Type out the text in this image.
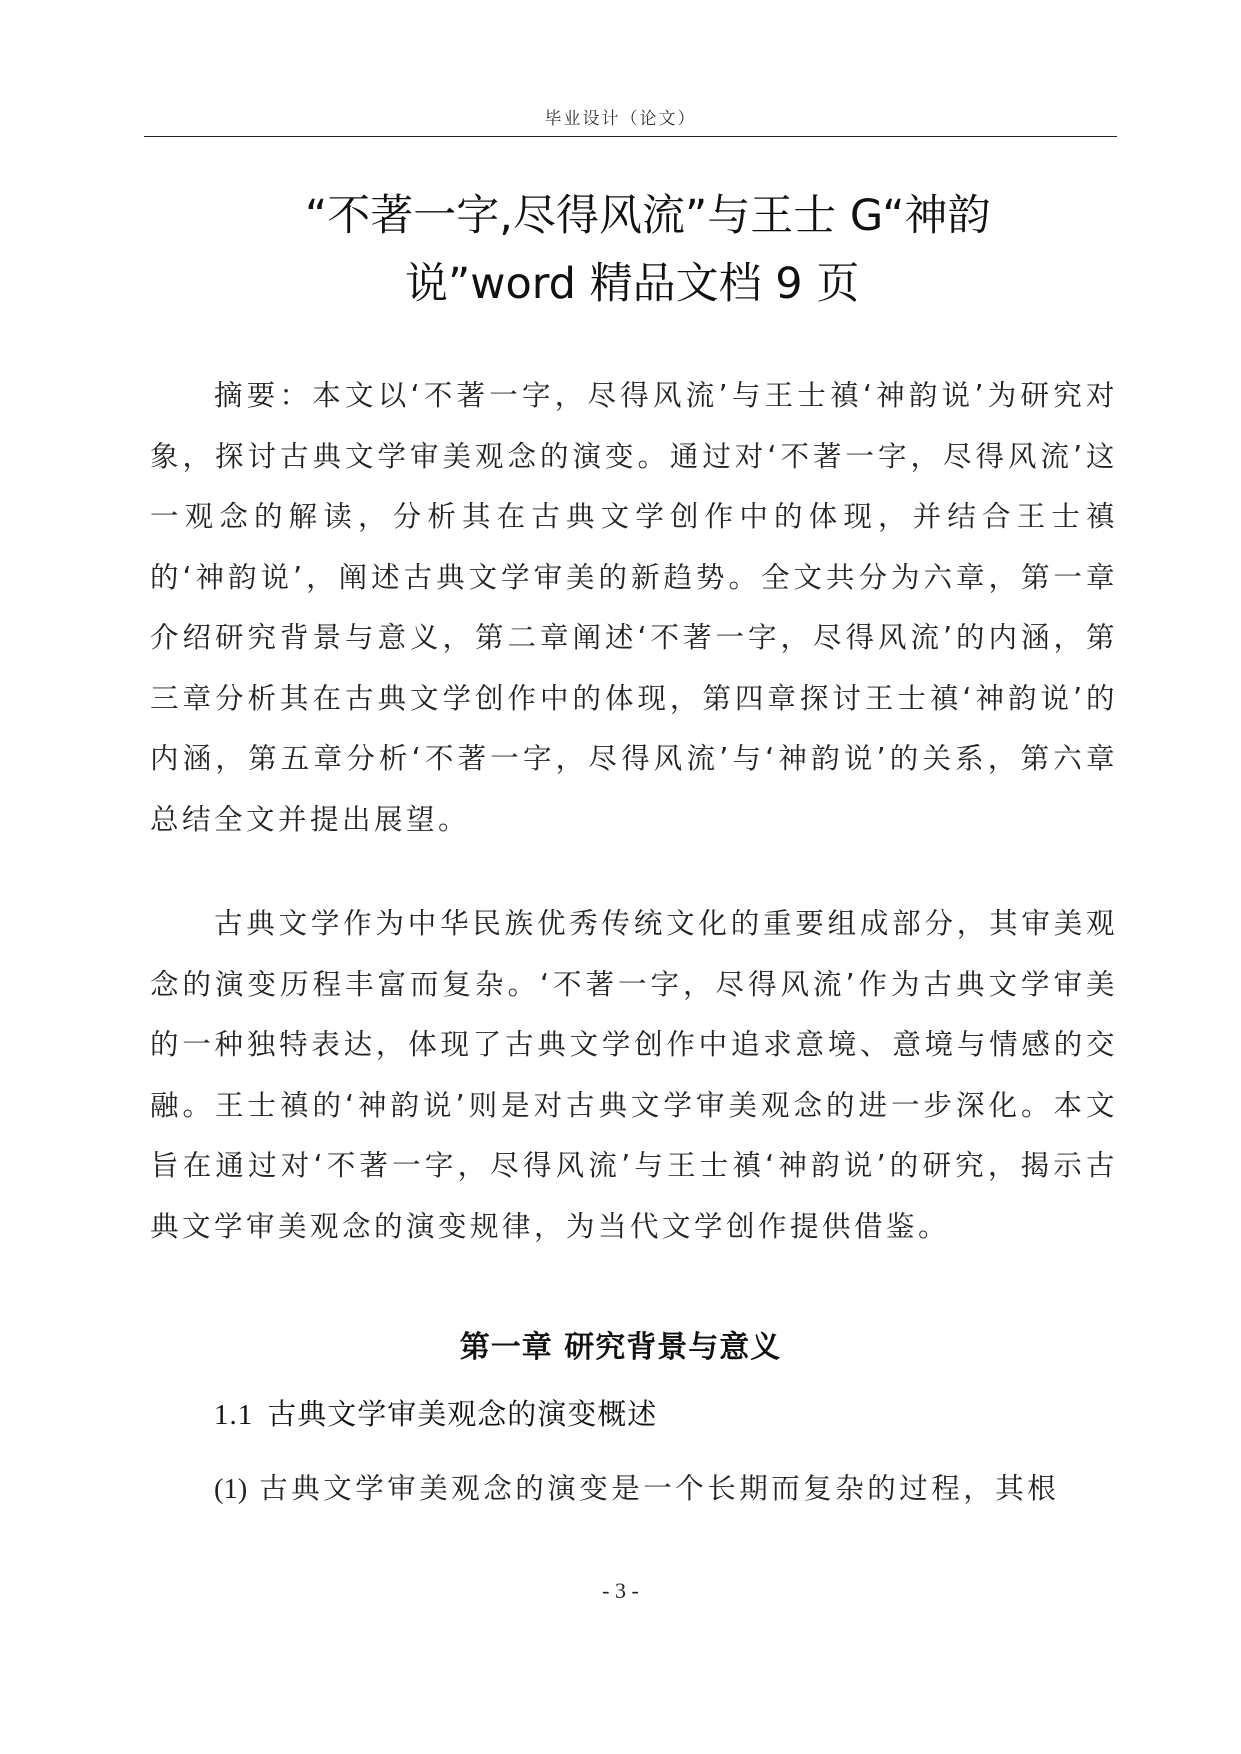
毕业设计（论文）
“不著一字,尽得风流”与王士 G“神韵
说”word 精品文档 9 页

摘要：本文以‘不著一字，尽得风流’与王士禛‘神韵说’为研究对象，探讨古典文学审美观念的演变。通过对‘不著一字，尽得风流’这一观念的解读，分析其在古典文学创作中的体现，并结合王士禛的‘神韵说’，阐述古典文学审美的新趋势。全文共分为六章，第一章介绍研究背景与意义，第二章阐述‘不著一字，尽得风流’的内涵，第三章分析其在古典文学创作中的体现，第四章探讨王士禛‘神韵说’的内涵，第五章分析‘不著一字，尽得风流’与‘神韵说’的关系，第六章总结全文并提出展望。

古典文学作为中华民族优秀传统文化的重要组成部分，其审美观念的演变历程丰富而复杂。‘不著一字，尽得风流’作为古典文学审美的一种独特表达，体现了古典文学创作中追求意境、意境与情感的交融。王士禛的‘神韵说’则是对古典文学审美观念的进一步深化。本文旨在通过对‘不著一字，尽得风流’与王士禛‘神韵说’的研究，揭示古典文学审美观念的演变规律，为当代文学创作提供借鉴。

第一章 研究背景与意义
1.1 古典文学审美观念的演变概述
(1) 古典文学审美观念的演变是一个长期而复杂的过程，其根
- 3 -
